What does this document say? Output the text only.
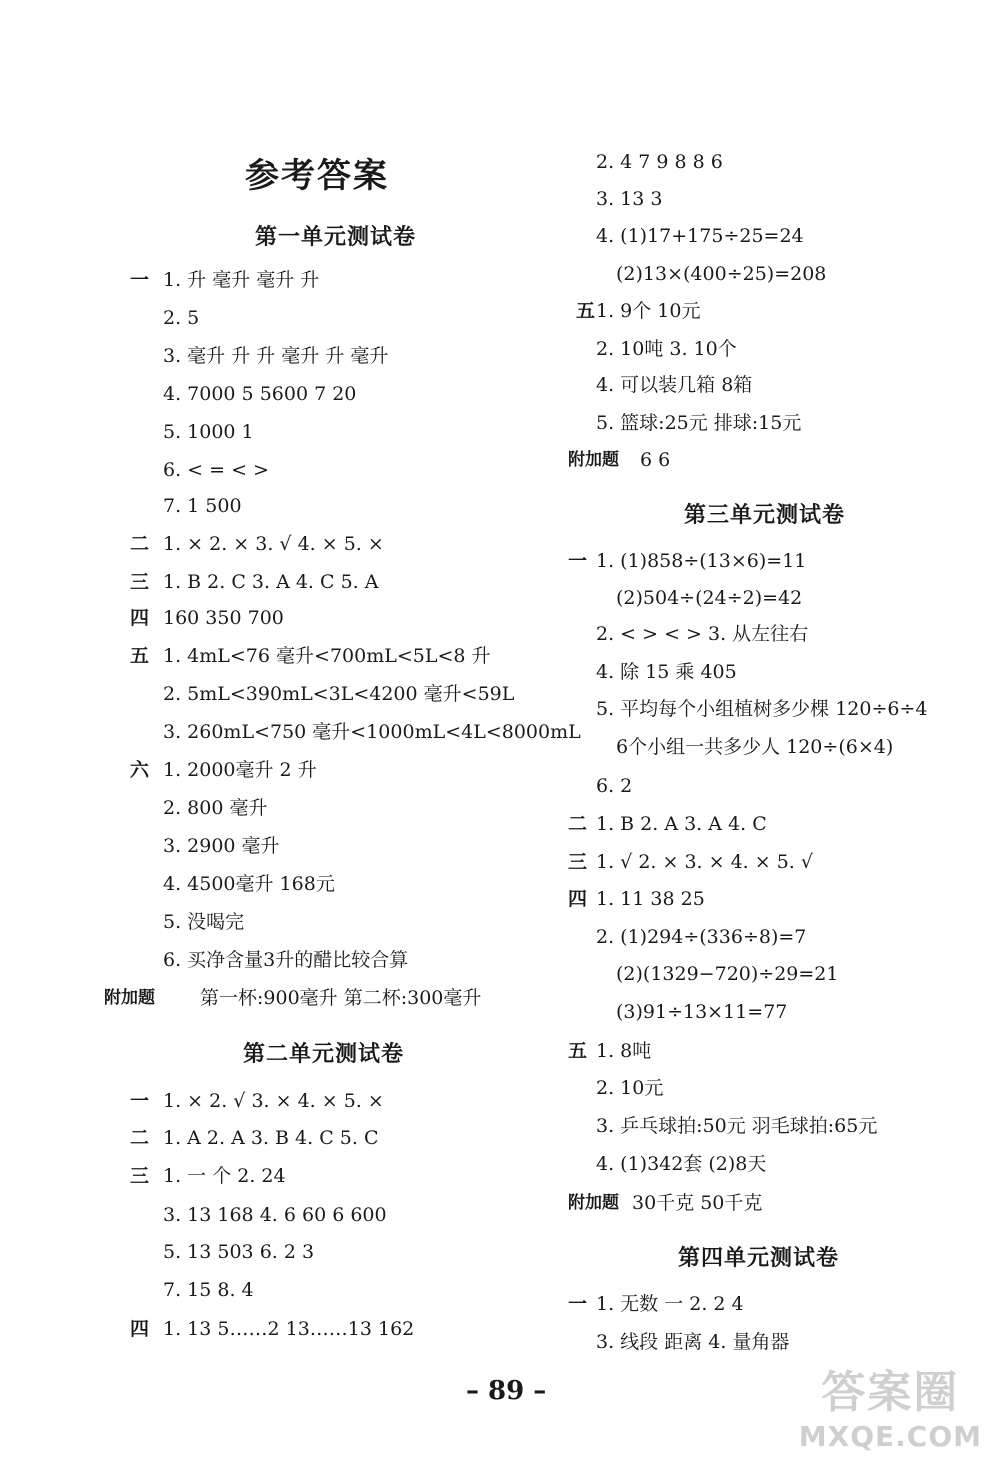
参考答案
第一单元测试卷
一 1. 升 毫升 毫升 升
2. 5
3. 毫升 升 升 毫升 升 毫升
4. 7000 5 5600 7 20
5. 1000 1
6. < = < >
7. 1 500
二 1. × 2. × 3. √ 4. × 5. ×
三 1. B 2. C 3. A 4. C 5. A
四 160 350 700
五 1. 4mL<76 毫升<700mL<5L<8 升
2. 5mL<390mL<3L<4200 毫升<59L
3. 260mL<750 毫升<1000mL<4L<8000mL
六 1. 2000毫升 2 升
2. 800 毫升
3. 2900 毫升
4. 4500毫升 168元
5. 没喝完
6. 买净含量3升的醋比较合算
附加题 第一杯:900毫升 第二杯:300毫升
第二单元测试卷
一 1. × 2. √ 3. × 4. × 5. ×
二 1. A 2. A 3. B 4. C 5. C
三 1. 一 个 2. 24
3. 13 168 4. 6 60 6 600
5. 13 503 6. 2 3
7. 15 8. 4
四 1. 13 5……2 13……13 162
2. 4 7 9 8 8 6
3. 13 3
4. (1)17+175÷25=24
(2)13×(400÷25)=208
五 1. 9个 10元
2. 10吨 3. 10个
4. 可以装几箱 8箱
5. 篮球:25元 排球:15元
附加题 6 6
第三单元测试卷
一 1. (1)858÷(13×6)=11
(2)504÷(24÷2)=42
2. < > < > 3. 从左往右
4. 除 15 乘 405
5. 平均每个小组植树多少棵 120÷6÷4
6个小组一共多少人 120÷(6×4)
6. 2
二 1. B 2. A 3. A 4. C
三 1. √ 2. × 3. × 4. × 5. √
四 1. 11 38 25
2. (1)294÷(336÷8)=7
(2)(1329−720)÷29=21
(3)91÷13×11=77
五 1. 8吨
2. 10元
3. 乒乓球拍:50元 羽毛球拍:65元
4. (1)342套 (2)8天
附加题 30千克 50千克
第四单元测试卷
一 1. 无数 一 2. 2 4
3. 线段 距离 4. 量角器
– 89 –	答案圈
MXQE.COM
